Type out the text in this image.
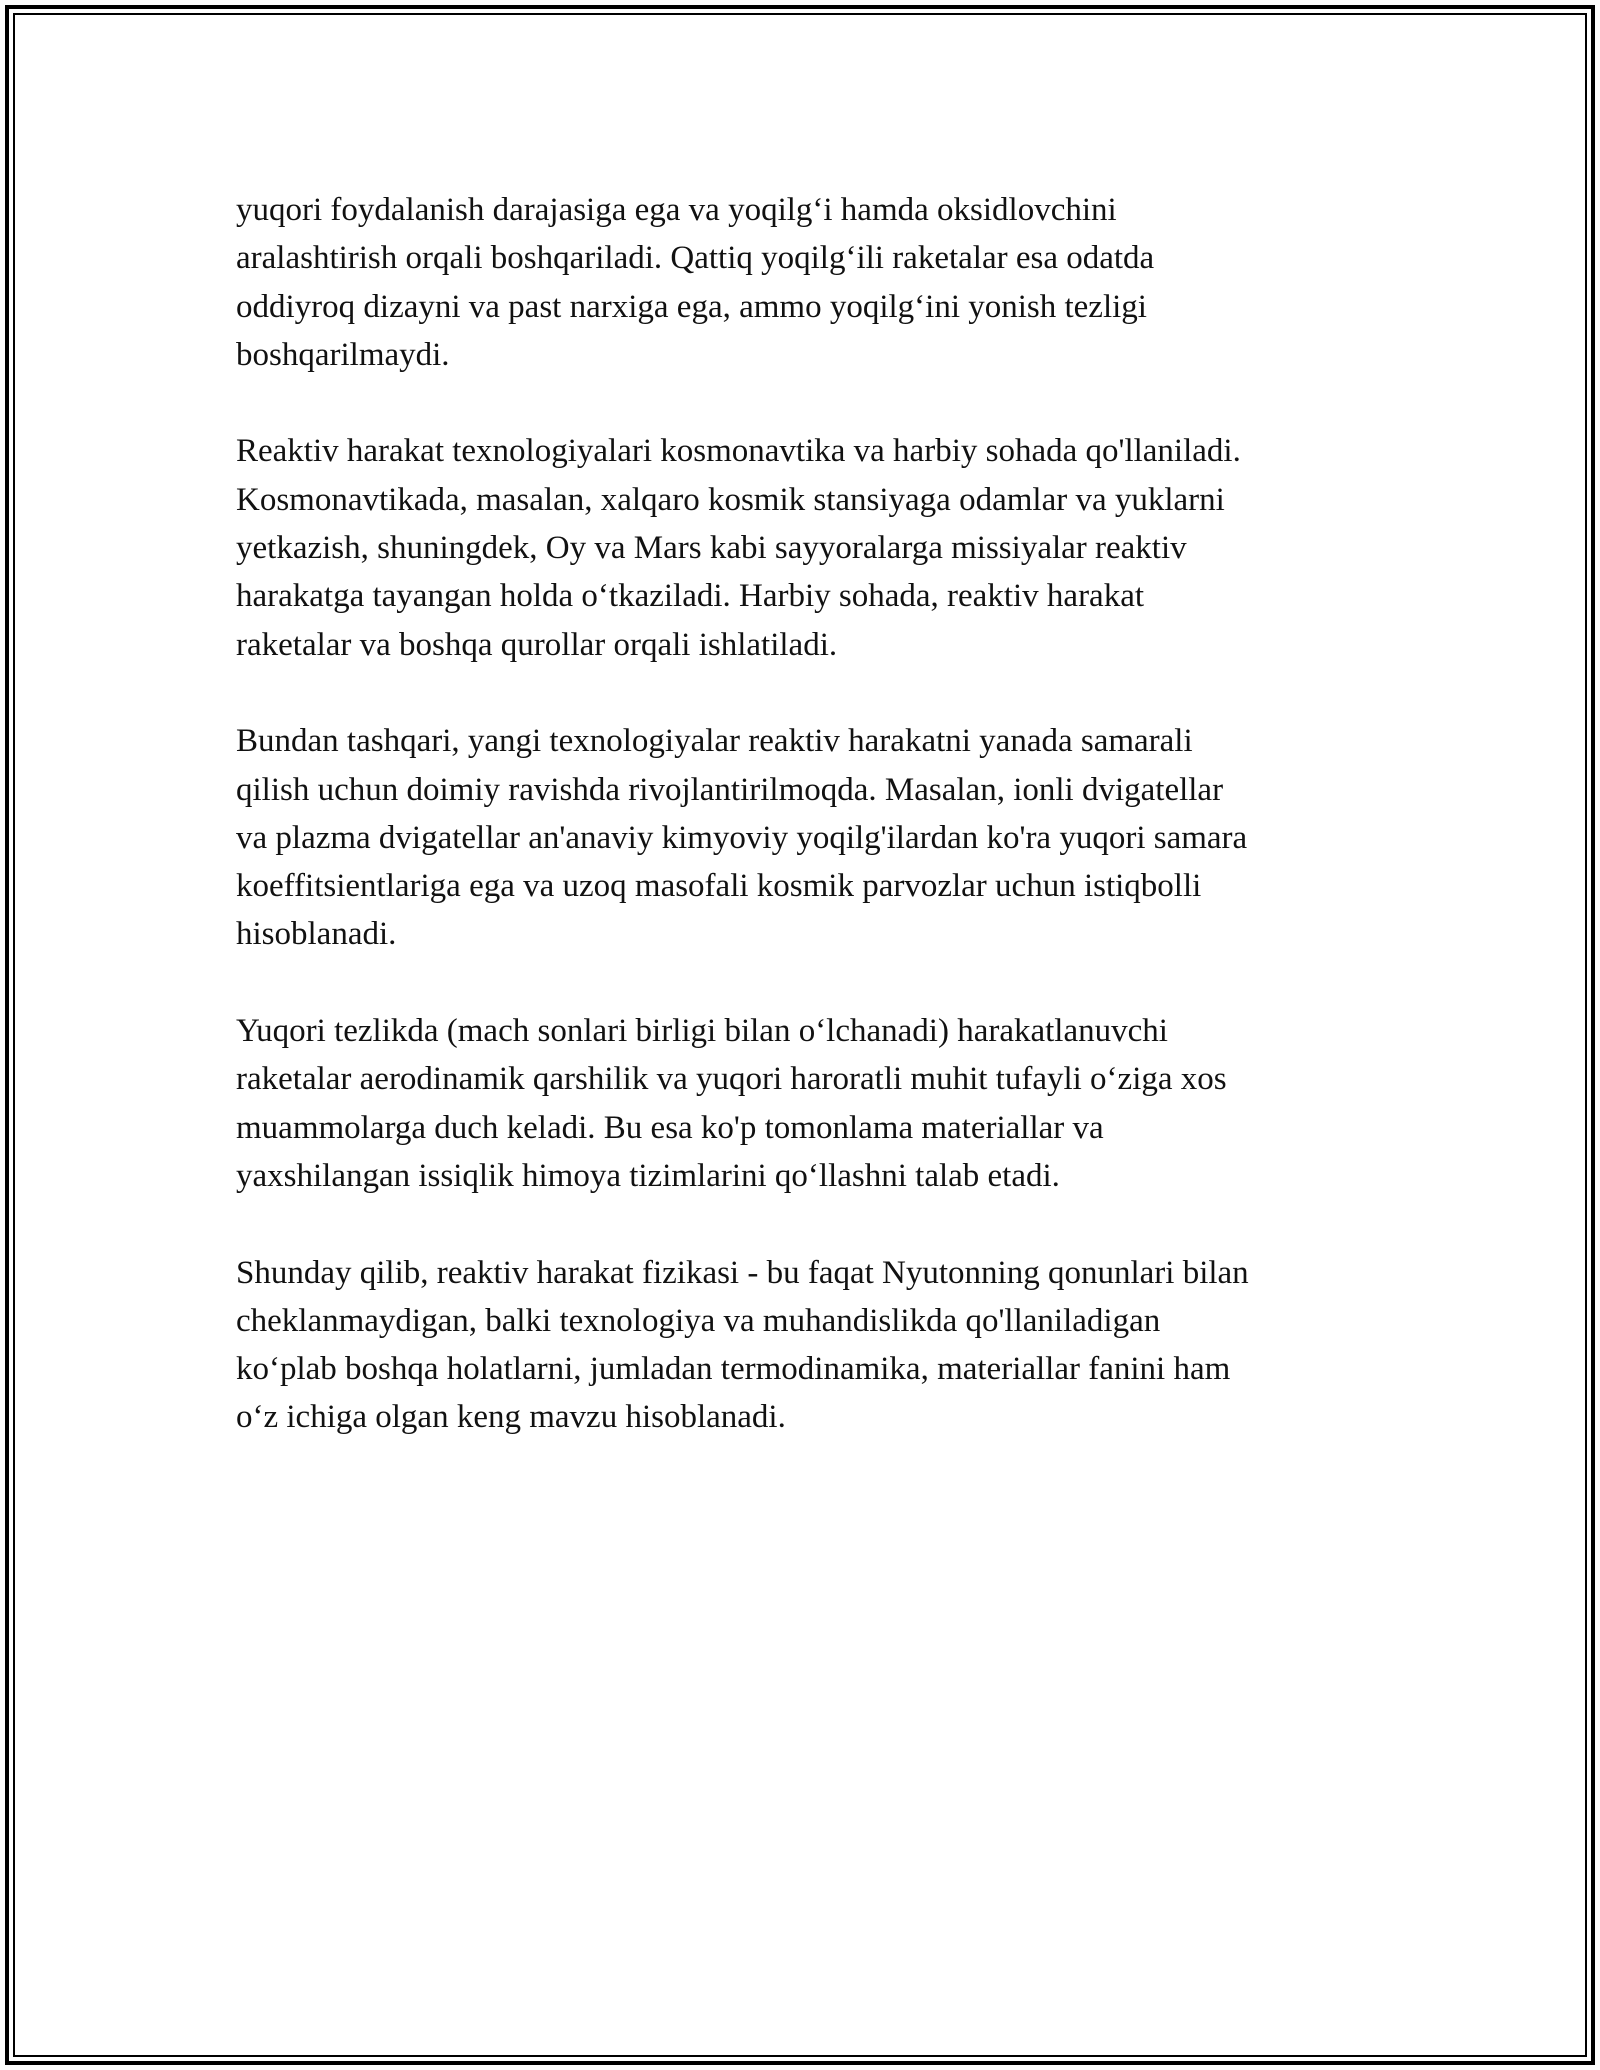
yuqori foydalanish darajasiga ega va yoqilg‘i hamda oksidlovchini
aralashtirish orqali boshqariladi. Qattiq yoqilg‘ili raketalar esa odatda
oddiyroq dizayni va past narxiga ega, ammo yoqilg‘ini yonish tezligi
boshqarilmaydi.
Reaktiv harakat texnologiyalari kosmonavtika va harbiy sohada qo'llaniladi.
Kosmonavtikada, masalan, xalqaro kosmik stansiyaga odamlar va yuklarni
yetkazish, shuningdek, Oy va Mars kabi sayyoralarga missiyalar reaktiv
harakatga tayangan holda o‘tkaziladi. Harbiy sohada, reaktiv harakat
raketalar va boshqa qurollar orqali ishlatiladi.
Bundan tashqari, yangi texnologiyalar reaktiv harakatni yanada samarali
qilish uchun doimiy ravishda rivojlantirilmoqda. Masalan, ionli dvigatellar
va plazma dvigatellar an'anaviy kimyoviy yoqilg'ilardan ko'ra yuqori samara
koeffitsientlariga ega va uzoq masofali kosmik parvozlar uchun istiqbolli
hisoblanadi.
Yuqori tezlikda (mach sonlari birligi bilan o‘lchanadi) harakatlanuvchi
raketalar aerodinamik qarshilik va yuqori haroratli muhit tufayli o‘ziga xos
muammolarga duch keladi. Bu esa ko'p tomonlama materiallar va
yaxshilangan issiqlik himoya tizimlarini qo‘llashni talab etadi.
Shunday qilib, reaktiv harakat fizikasi - bu faqat Nyutonning qonunlari bilan
cheklanmaydigan, balki texnologiya va muhandislikda qo'llaniladigan
ko‘plab boshqa holatlarni, jumladan termodinamika, materiallar fanini ham
o‘z ichiga olgan keng mavzu hisoblanadi.
